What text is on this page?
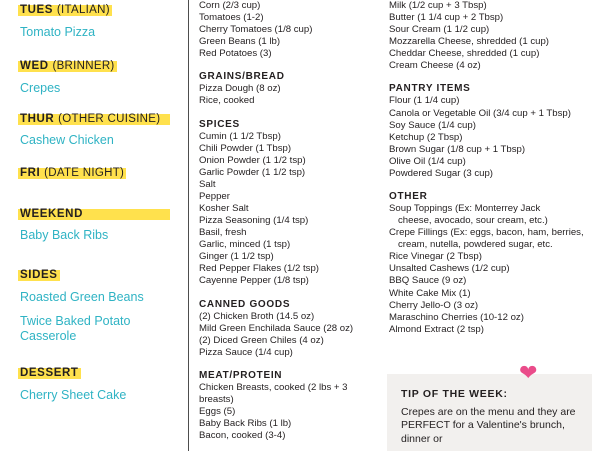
TUES (ITALIAN)
Tomato Pizza
WED (BRINNER)
Crepes
THUR (OTHER CUISINE)
Cashew Chicken
FRI (DATE NIGHT)
WEEKEND
Baby Back Ribs
SIDES
Roasted Green Beans
Twice Baked Potato
Casserole
DESSERT
Cherry Sheet Cake
Corn (2/3 cup)
Tomatoes (1-2)
Cherry Tomatoes (1/8 cup)
Green Beans (1 lb)
Red Potatoes (3)
GRAINS/BREAD
Pizza Dough (8 oz)
Rice, cooked
SPICES
Cumin (1 1/2 Tbsp)
Chili Powder (1 Tbsp)
Onion Powder (1 1/2 tsp)
Garlic Powder (1 1/2 tsp)
Salt
Pepper
Kosher Salt
Pizza Seasoning (1/4 tsp)
Basil, fresh
Garlic, minced (1 tsp)
Ginger (1 1/2 tsp)
Red Pepper Flakes (1/2 tsp)
Cayenne Pepper (1/8 tsp)
CANNED GOODS
(2) Chicken Broth (14.5 oz)
Mild Green Enchilada Sauce (28 oz)
(2) Diced Green Chiles (4 oz)
Pizza Sauce (1/4 cup)
MEAT/PROTEIN
Chicken Breasts, cooked (2 lbs + 3 breasts)
Eggs (5)
Baby Back Ribs (1 lb)
Bacon, cooked (3-4)
Milk (1/2 cup + 3 Tbsp)
Butter (1 1/4 cup + 2 Tbsp)
Sour Cream (1 1/2 cup)
Mozzarella Cheese, shredded (1 cup)
Cheddar Cheese, shredded (1 cup)
Cream Cheese (4 oz)
PANTRY ITEMS
Flour (1 1/4 cup)
Canola or Vegetable Oil (3/4 cup + 1 Tbsp)
Soy Sauce (1/4 cup)
Ketchup (2 Tbsp)
Brown Sugar (1/8 cup + 1 Tbsp)
Olive Oil (1/4 cup)
Powdered Sugar (3 cup)
OTHER
Soup Toppings (Ex: Monterrey Jack
cheese, avocado, sour cream, etc.)
Crepe Fillings (Ex: eggs, bacon, ham, berries,
cream, nutella, powdered sugar, etc.
Rice Vinegar (2 Tbsp)
Unsalted Cashews (1/2 cup)
BBQ Sauce (9 oz)
White Cake Mix (1)
Cherry Jello-O (3 oz)
Maraschino Cherries (10-12 oz)
Almond Extract (2 tsp)
❤
TIP OF THE WEEK:
Crepes are on the menu and they are PERFECT for a Valentine's brunch, dinner or
